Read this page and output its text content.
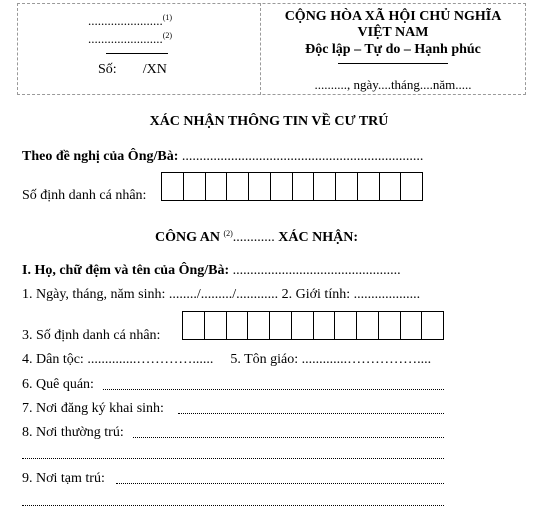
.......................$^{(1)}$
.......................$^{(2)}$
Số: /XN
CỘNG HÒA XÃ HỘI CHỦ NGHĨA
VIỆT NAM
Độc lập – Tự do – Hạnh phúc
.........., ngày....tháng....năm.....
XÁC NHẬN THÔNG TIN VỀ CƯ TRÚ
Theo đề nghị của Ông/Bà: .....................................................................
Số định danh cá nhân:
CÔNG AN $^{(2)}$............ XÁC NHẬN:
I. Họ, chữ đệm và tên của Ông/Bà: ................................................
1. Ngày, tháng, năm sinh: ......../........./............ 2. Giới tính: ...................
3. Số định danh cá nhân:
4. Dân tộc: ..............…………...... 5. Tôn giáo: .............……………....
6. Quê quán:
7. Nơi đăng ký khai sinh:
8. Nơi thường trú:
9. Nơi tạm trú:
